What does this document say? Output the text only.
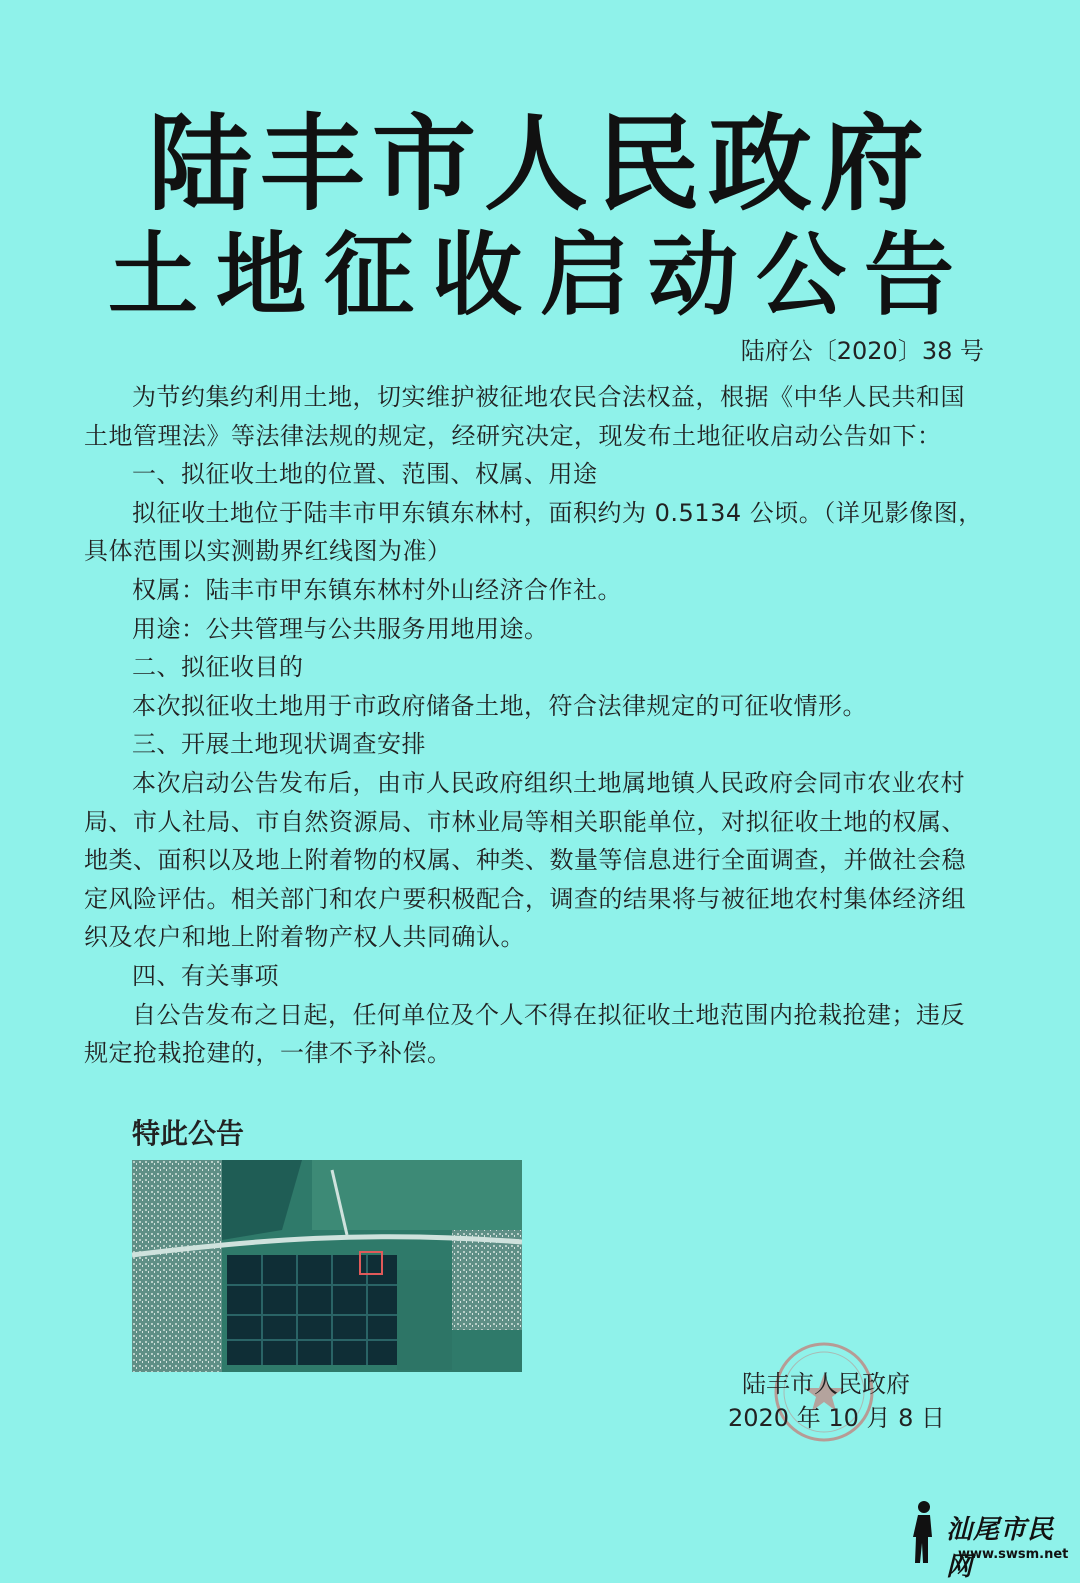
陆丰市人民政府
土地征收启动公告
陆府公〔2020〕38 号

为节约集约利用土地，切实维护被征地农民合法权益，根据《中华人民共和国土地管理法》等法律法规的规定，经研究决定，现发布土地征收启动公告如下：

一、拟征收土地的位置、范围、权属、用途

拟征收土地位于陆丰市甲东镇东林村，面积约为 0.5134 公顷。（详见影像图，具体范围以实测勘界红线图为准）

权属：陆丰市甲东镇东林村外山经济合作社。

用途：公共管理与公共服务用地用途。

二、拟征收目的

本次拟征收土地用于市政府储备土地，符合法律规定的可征收情形。

三、开展土地现状调查安排

本次启动公告发布后，由市人民政府组织土地属地镇人民政府会同市农业农村局、市人社局、市自然资源局、市林业局等相关职能单位，对拟征收土地的权属、地类、面积以及地上附着物的权属、种类、数量等信息进行全面调查，并做社会稳定风险评估。相关部门和农户要积极配合，调查的结果将与被征地农村集体经济组织及农户和地上附着物产权人共同确认。

四、有关事项

自公告发布之日起，任何单位及个人不得在拟征收土地范围内抢栽抢建；违反规定抢栽抢建的，一律不予补偿。

特此公告
陆丰市人民政府
2020 年 10 月 8 日
汕尾市民网
www.swsm.net
